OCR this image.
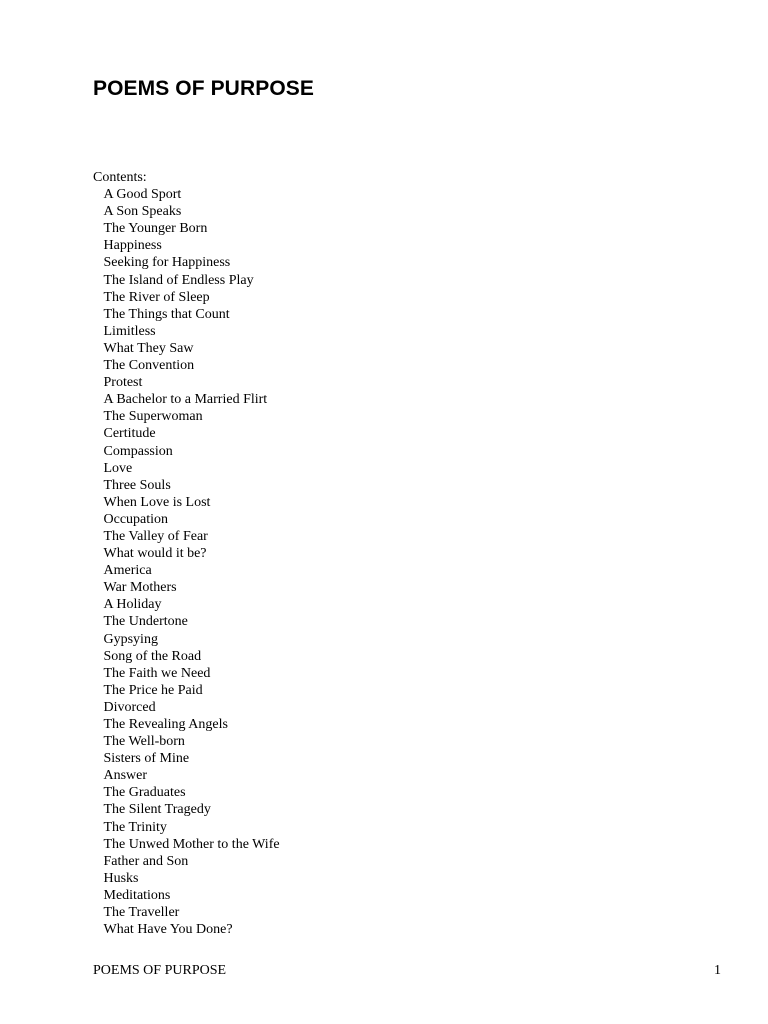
POEMS OF PURPOSE
Contents:
A Good Sport
A Son Speaks
The Younger Born
Happiness
Seeking for Happiness
The Island of Endless Play
The River of Sleep
The Things that Count
Limitless
What They Saw
The Convention
Protest
A Bachelor to a Married Flirt
The Superwoman
Certitude
Compassion
Love
Three Souls
When Love is Lost
Occupation
The Valley of Fear
What would it be?
America
War Mothers
A Holiday
The Undertone
Gypsying
Song of the Road
The Faith we Need
The Price he Paid
Divorced
The Revealing Angels
The Well-born
Sisters of Mine
Answer
The Graduates
The Silent Tragedy
The Trinity
The Unwed Mother to the Wife
Father and Son
Husks
Meditations
The Traveller
What Have You Done?
POEMS OF PURPOSE	1
